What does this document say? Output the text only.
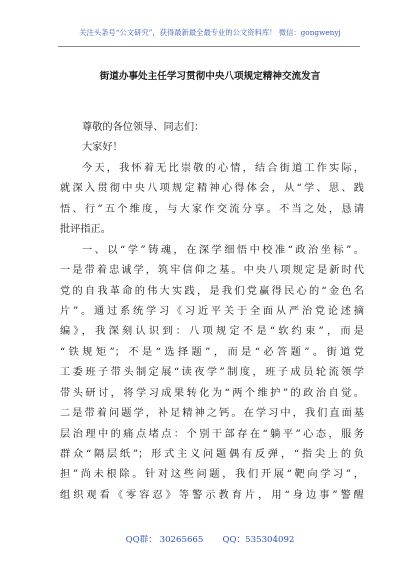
关注头条号“公文研究”，获得最新最全最专业的公文资料库！ 微信：gongwenyj
街道办事处主任学习贯彻中央八项规定精神交流发言
尊敬的各位领导、同志们：
大家好！
今天，我怀着无比崇敬的心情，结合街道工作实际，
就深入贯彻中央八项规定精神心得体会，从“学、思、践
悟、行”五个维度，与大家作交流分享。不当之处，恳请
批评指正。
一、以“学”铸魂，在深学细悟中校准“政治坐标”。
一是带着忠诚学，筑牢信仰之基。中央八项规定是新时代
党的自我革命的伟大实践，是我们党赢得民心的“金色名
片”。通过系统学习《习近平关于全面从严治党论述摘
编》，我深刻认识到：八项规定不是“软约束”，而是
“铁规矩”；不是“选择题”，而是“必答题”。街道党
工委班子带头制定展“读夜学”制度，班子成员轮流领学
带头研讨，将学习成果转化为“两个维护”的政治自觉。
二是带着问题学，补足精神之钙。在学习中，我们直面基
层治理中的痛点堵点：个别干部存在“躺平”心态，服务
群众“隔层纸”；形式主义问题偶有反弹，“指尖上的负
担”尚未根除。针对这些问题，我们开展“靶向学习”，
组织观看《零容忍》等警示教育片，用“身边事”警醒
QQ群： 30265665 QQ：535304092
